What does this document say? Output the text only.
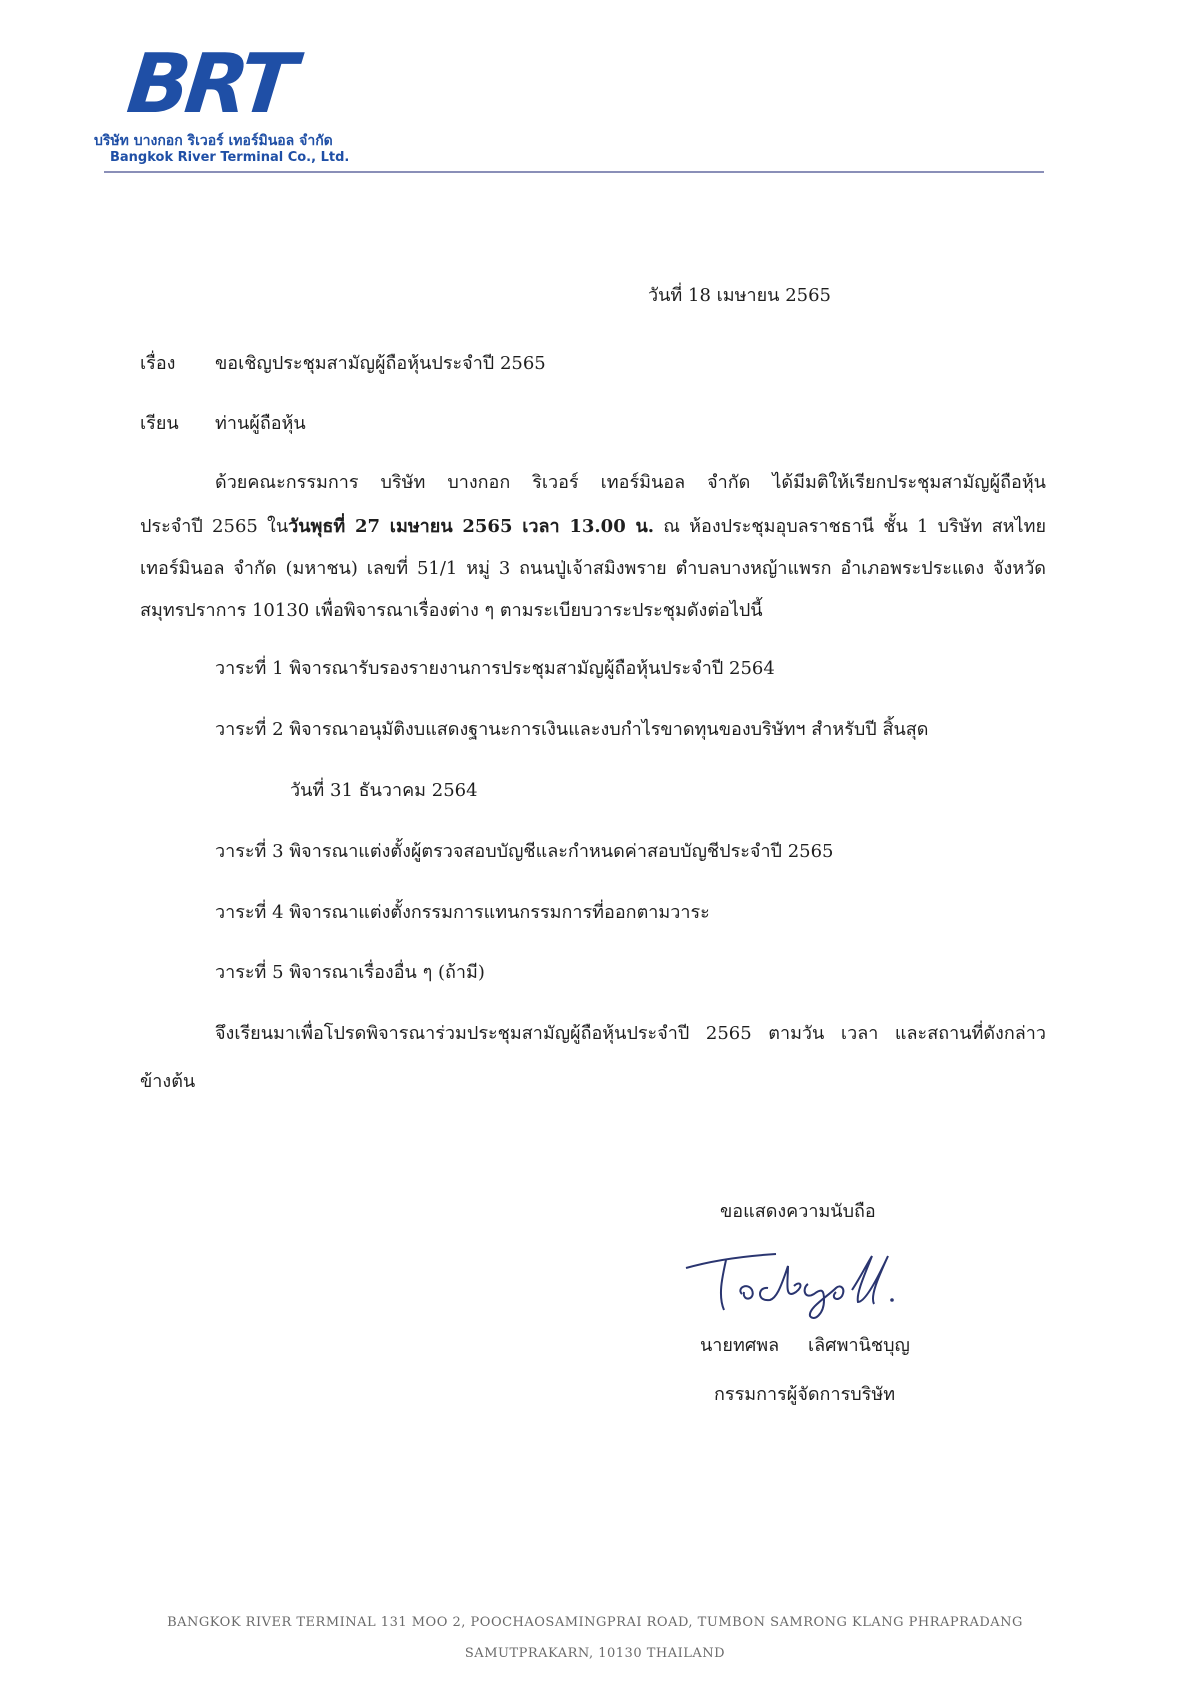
BRT
บริษัท บางกอก ริเวอร์ เทอร์มินอล จำกัด
Bangkok River Terminal Co., Ltd.
วันที่ 18 เมษายน 2565
เรื่อง ขอเชิญประชุมสามัญผู้ถือหุ้นประจำปี 2565
เรียน ท่านผู้ถือหุ้น
ด้วยคณะกรรมการ บริษัท บางกอก ริเวอร์ เทอร์มินอล จำกัด ได้มีมติให้เรียกประชุมสามัญผู้ถือหุ้น
ประจำปี 2565 ในวันพุธที่ 27 เมษายน 2565 เวลา 13.00 น. ณ ห้องประชุมอุบลราชธานี ชั้น 1 บริษัท สหไทย
เทอร์มินอล จำกัด (มหาชน) เลขที่ 51/1 หมู่ 3 ถนนปู่เจ้าสมิงพราย ตำบลบางหญ้าแพรก อำเภอพระประแดง จังหวัด
สมุทรปราการ 10130 เพื่อพิจารณาเรื่องต่าง ๆ ตามระเบียบวาระประชุมดังต่อไปนี้
วาระที่ 1 พิจารณารับรองรายงานการประชุมสามัญผู้ถือหุ้นประจำปี 2564
วาระที่ 2 พิจารณาอนุมัติงบแสดงฐานะการเงินและงบกำไรขาดทุนของบริษัทฯ สำหรับปี สิ้นสุด
วันที่ 31 ธันวาคม 2564
วาระที่ 3 พิจารณาแต่งตั้งผู้ตรวจสอบบัญชีและกำหนดค่าสอบบัญชีประจำปี 2565
วาระที่ 4 พิจารณาแต่งตั้งกรรมการแทนกรรมการที่ออกตามวาระ
วาระที่ 5 พิจารณาเรื่องอื่น ๆ (ถ้ามี)
จึงเรียนมาเพื่อโปรดพิจารณาร่วมประชุมสามัญผู้ถือหุ้นประจำปี 2565 ตามวัน เวลา และสถานที่ดังกล่าว
ข้างต้น
ขอแสดงความนับถือ
นายทศพล เลิศพานิชบุญ
กรรมการผู้จัดการบริษัท
BANGKOK RIVER TERMINAL 131 MOO 2, POOCHAOSAMINGPRAI ROAD, TUMBON SAMRONG KLANG PHRAPRADANG
SAMUTPRAKARN, 10130 THAILAND
